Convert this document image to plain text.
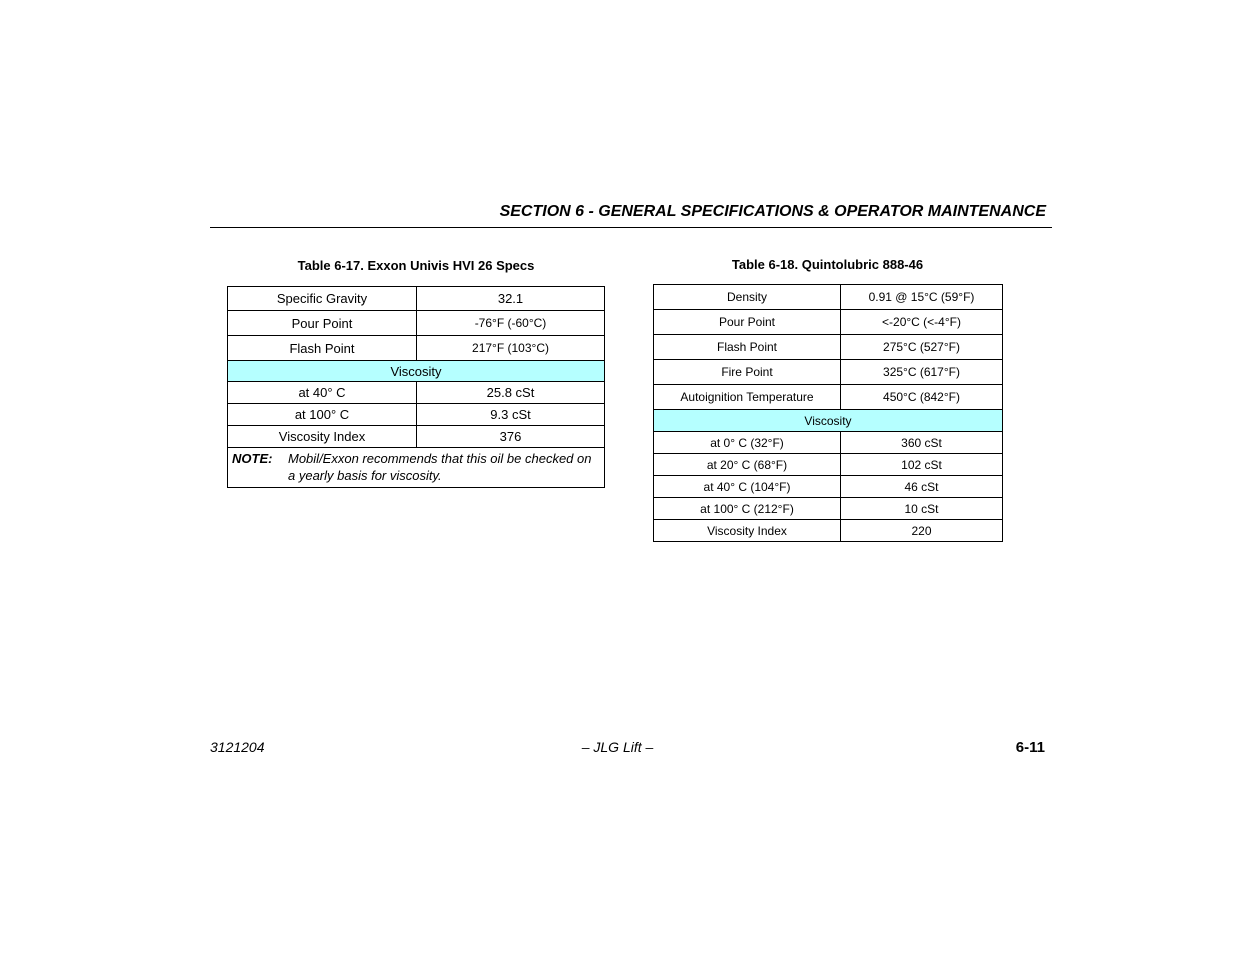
SECTION 6 - GENERAL SPECIFICATIONS & OPERATOR MAINTENANCE
Table 6-17. Exxon Univis HVI 26 Specs
Specific Gravity	32.1
Pour Point	-76°F (-60°C)
Flash Point	217°F (103°C)
Viscosity	
at 40° C	25.8 cSt
at 100° C	9.3 cSt
Viscosity Index	376
NOTE: Mobil/Exxon recommends that this oil be checked on a yearly basis for viscosity.	
Table 6-18. Quintolubric 888-46
Density	0.91 @ 15°C (59°F)
Pour Point	<-20°C (<-4°F)
Flash Point	275°C (527°F)
Fire Point	325°C (617°F)
Autoignition Temperature	450°C (842°F)
Viscosity	
at 0° C (32°F)	360 cSt
at 20° C (68°F)	102 cSt
at 40° C (104°F)	46 cSt
at 100° C (212°F)	10 cSt
Viscosity Index	220
3121204	– JLG Lift –	6-11
